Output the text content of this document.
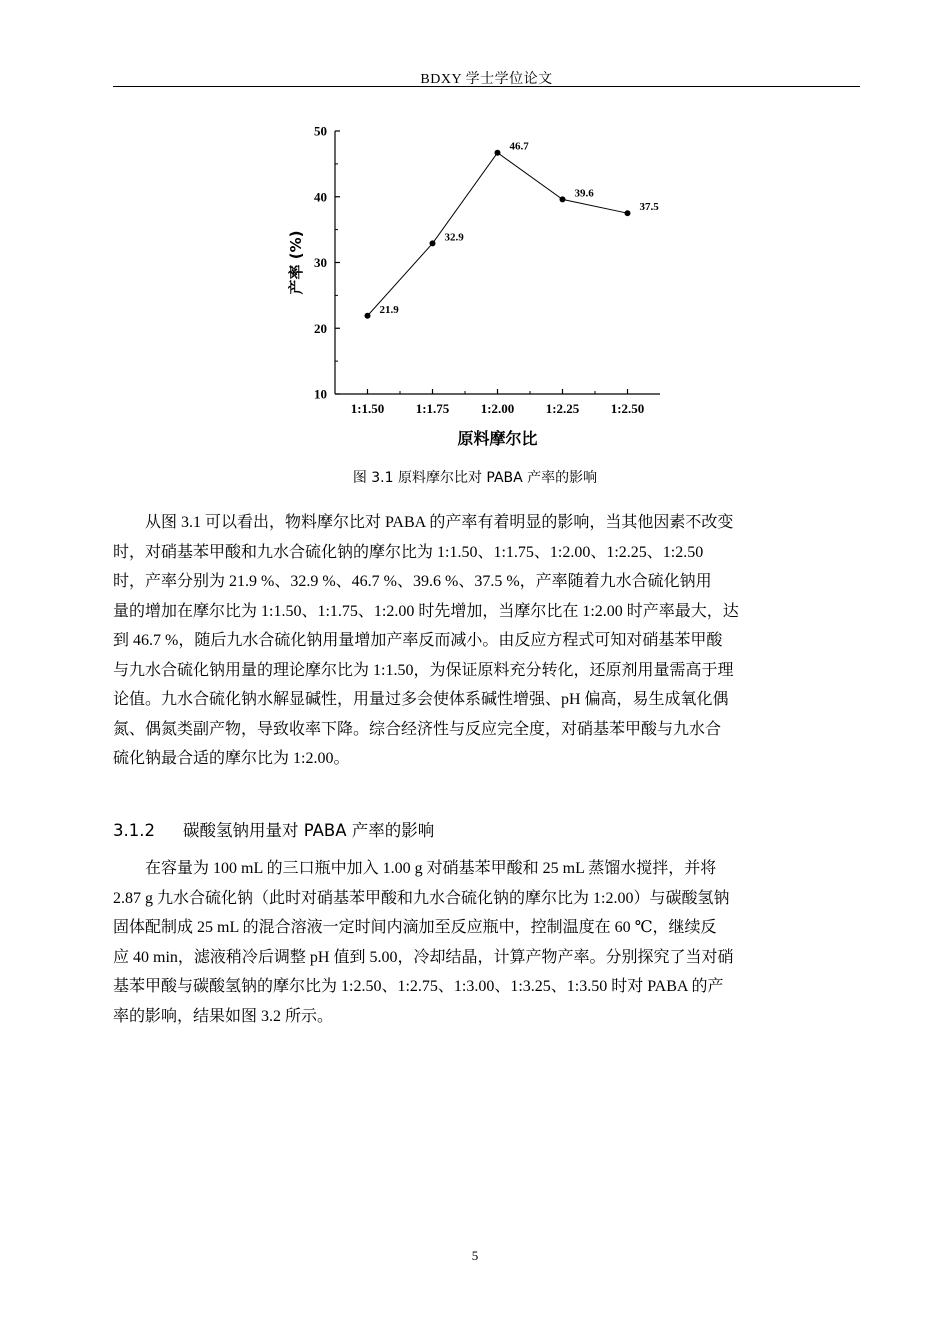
BDXY 学士学位论文
10
20
30
40
50
1:1.50 1:1.75 1:2.00 1:2.25 1:2.50
21.9
32.9
46.7
39.6
37.5
原料摩尔比
产率 (%)
图 3.1 原料摩尔比对 PABA 产率的影响
从图 3.1 可以看出，物料摩尔比对 PABA 的产率有着明显的影响，当其他因素不改变
时，对硝基苯甲酸和九水合硫化钠的摩尔比为 1:1.50、1:1.75、1:2.00、1:2.25、1:2.50
时，产率分别为 21.9 %、32.9 %、46.7 %、39.6 %、37.5 %，产率随着九水合硫化钠用
量的增加在摩尔比为 1:1.50、1:1.75、1:2.00 时先增加，当摩尔比在 1:2.00 时产率最大，达
到 46.7 %，随后九水合硫化钠用量增加产率反而减小。由反应方程式可知对硝基苯甲酸
与九水合硫化钠用量的理论摩尔比为 1:1.50，为保证原料充分转化，还原剂用量需高于理
论值。九水合硫化钠水解显碱性，用量过多会使体系碱性增强、pH 偏高，易生成氧化偶
氮、偶氮类副产物，导致收率下降。综合经济性与反应完全度，对硝基苯甲酸与九水合
硫化钠最合适的摩尔比为 1:2.00。
3.1.2 碳酸氢钠用量对 PABA 产率的影响
在容量为 100 mL 的三口瓶中加入 1.00 g 对硝基苯甲酸和 25 mL 蒸馏水搅拌，并将
2.87 g 九水合硫化钠（此时对硝基苯甲酸和九水合硫化钠的摩尔比为 1:2.00）与碳酸氢钠
固体配制成 25 mL 的混合溶液一定时间内滴加至反应瓶中，控制温度在 60 ℃，继续反
应 40 min，滤液稍冷后调整 pH 值到 5.00，冷却结晶，计算产物产率。分别探究了当对硝
基苯甲酸与碳酸氢钠的摩尔比为 1:2.50、1:2.75、1:3.00、1:3.25、1:3.50 时对 PABA 的产
率的影响，结果如图 3.2 所示。
5
